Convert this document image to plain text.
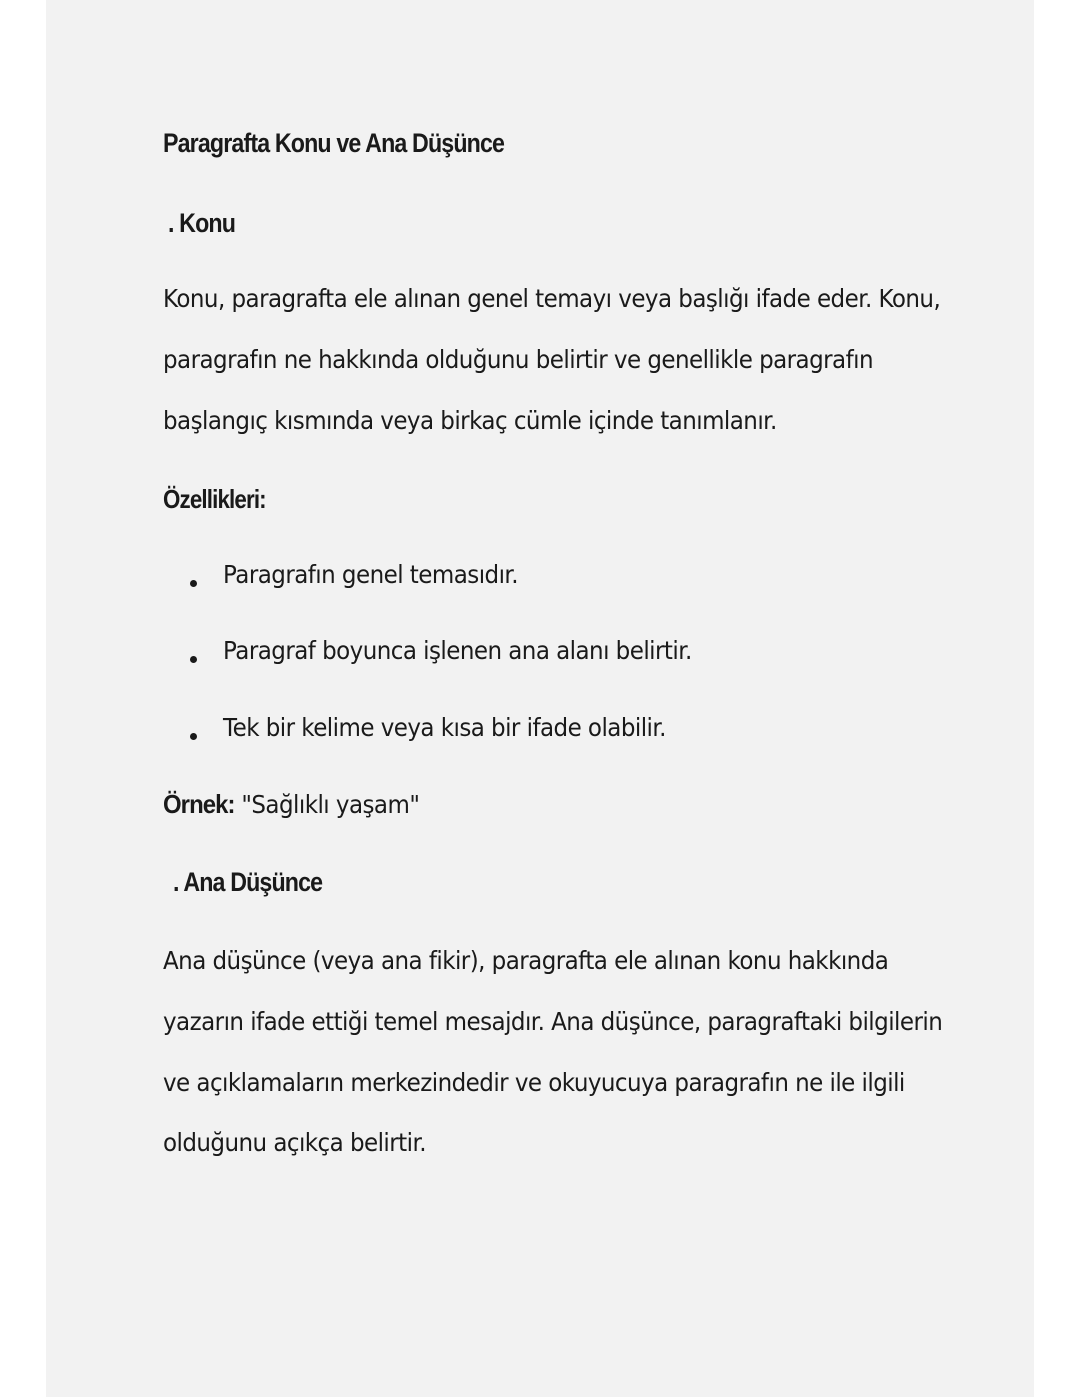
Paragrafta Konu ve Ana Düşünce
. Konu
Konu, paragrafta ele alınan genel temayı veya başlığı ifade eder. Konu,
paragrafın ne hakkında olduğunu belirtir ve genellikle paragrafın
başlangıç kısmında veya birkaç cümle içinde tanımlanır.
Özellikleri:
Paragrafın genel temasıdır.
Paragraf boyunca işlenen ana alanı belirtir.
Tek bir kelime veya kısa bir ifade olabilir.
Örnek: "Sağlıklı yaşam"
. Ana Düşünce
Ana düşünce (veya ana fikir), paragrafta ele alınan konu hakkında
yazarın ifade ettiği temel mesajdır. Ana düşünce, paragraftaki bilgilerin
ve açıklamaların merkezindedir ve okuyucuya paragrafın ne ile ilgili
olduğunu açıkça belirtir.
